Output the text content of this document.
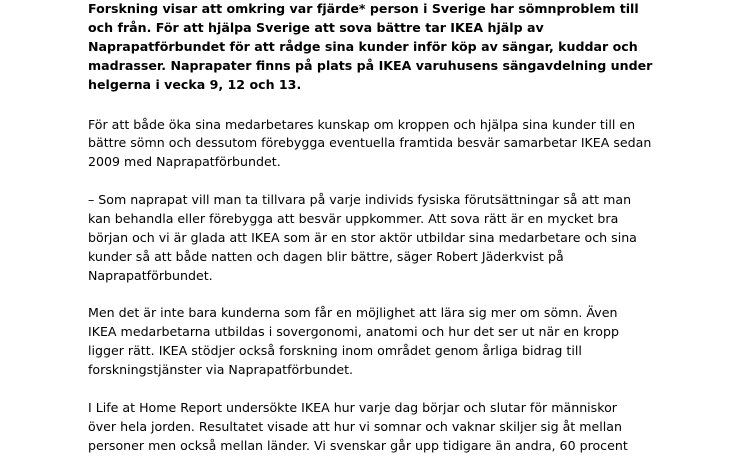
Forskning visar att omkring var fjärde* person i Sverige har sömnproblem till
och från. För att hjälpa Sverige att sova bättre tar IKEA hjälp av
Naprapatförbundet för att rådge sina kunder inför köp av sängar, kuddar och
madrasser. Naprapater finns på plats på IKEA varuhusens sängavdelning under
helgerna i vecka 9, 12 och 13.
För att både öka sina medarbetares kunskap om kroppen och hjälpa sina kunder till en
bättre sömn och dessutom förebygga eventuella framtida besvär samarbetar IKEA sedan
2009 med Naprapatförbundet.
– Som naprapat vill man ta tillvara på varje individs fysiska förutsättningar så att man
kan behandla eller förebygga att besvär uppkommer. Att sova rätt är en mycket bra
början och vi är glada att IKEA som är en stor aktör utbildar sina medarbetare och sina
kunder så att både natten och dagen blir bättre, säger Robert Jäderkvist på
Naprapatförbundet.
Men det är inte bara kunderna som får en möjlighet att lära sig mer om sömn. Även
IKEA medarbetarna utbildas i sovergonomi, anatomi och hur det ser ut när en kropp
ligger rätt. IKEA stödjer också forskning inom området genom årliga bidrag till
forskningstjänster via Naprapatförbundet.
I Life at Home Report undersökte IKEA hur varje dag börjar och slutar för människor
över hela jorden. Resultatet visade att hur vi somnar och vaknar skiljer sig åt mellan
personer men också mellan länder. Vi svenskar går upp tidigare än andra, 60 procent
